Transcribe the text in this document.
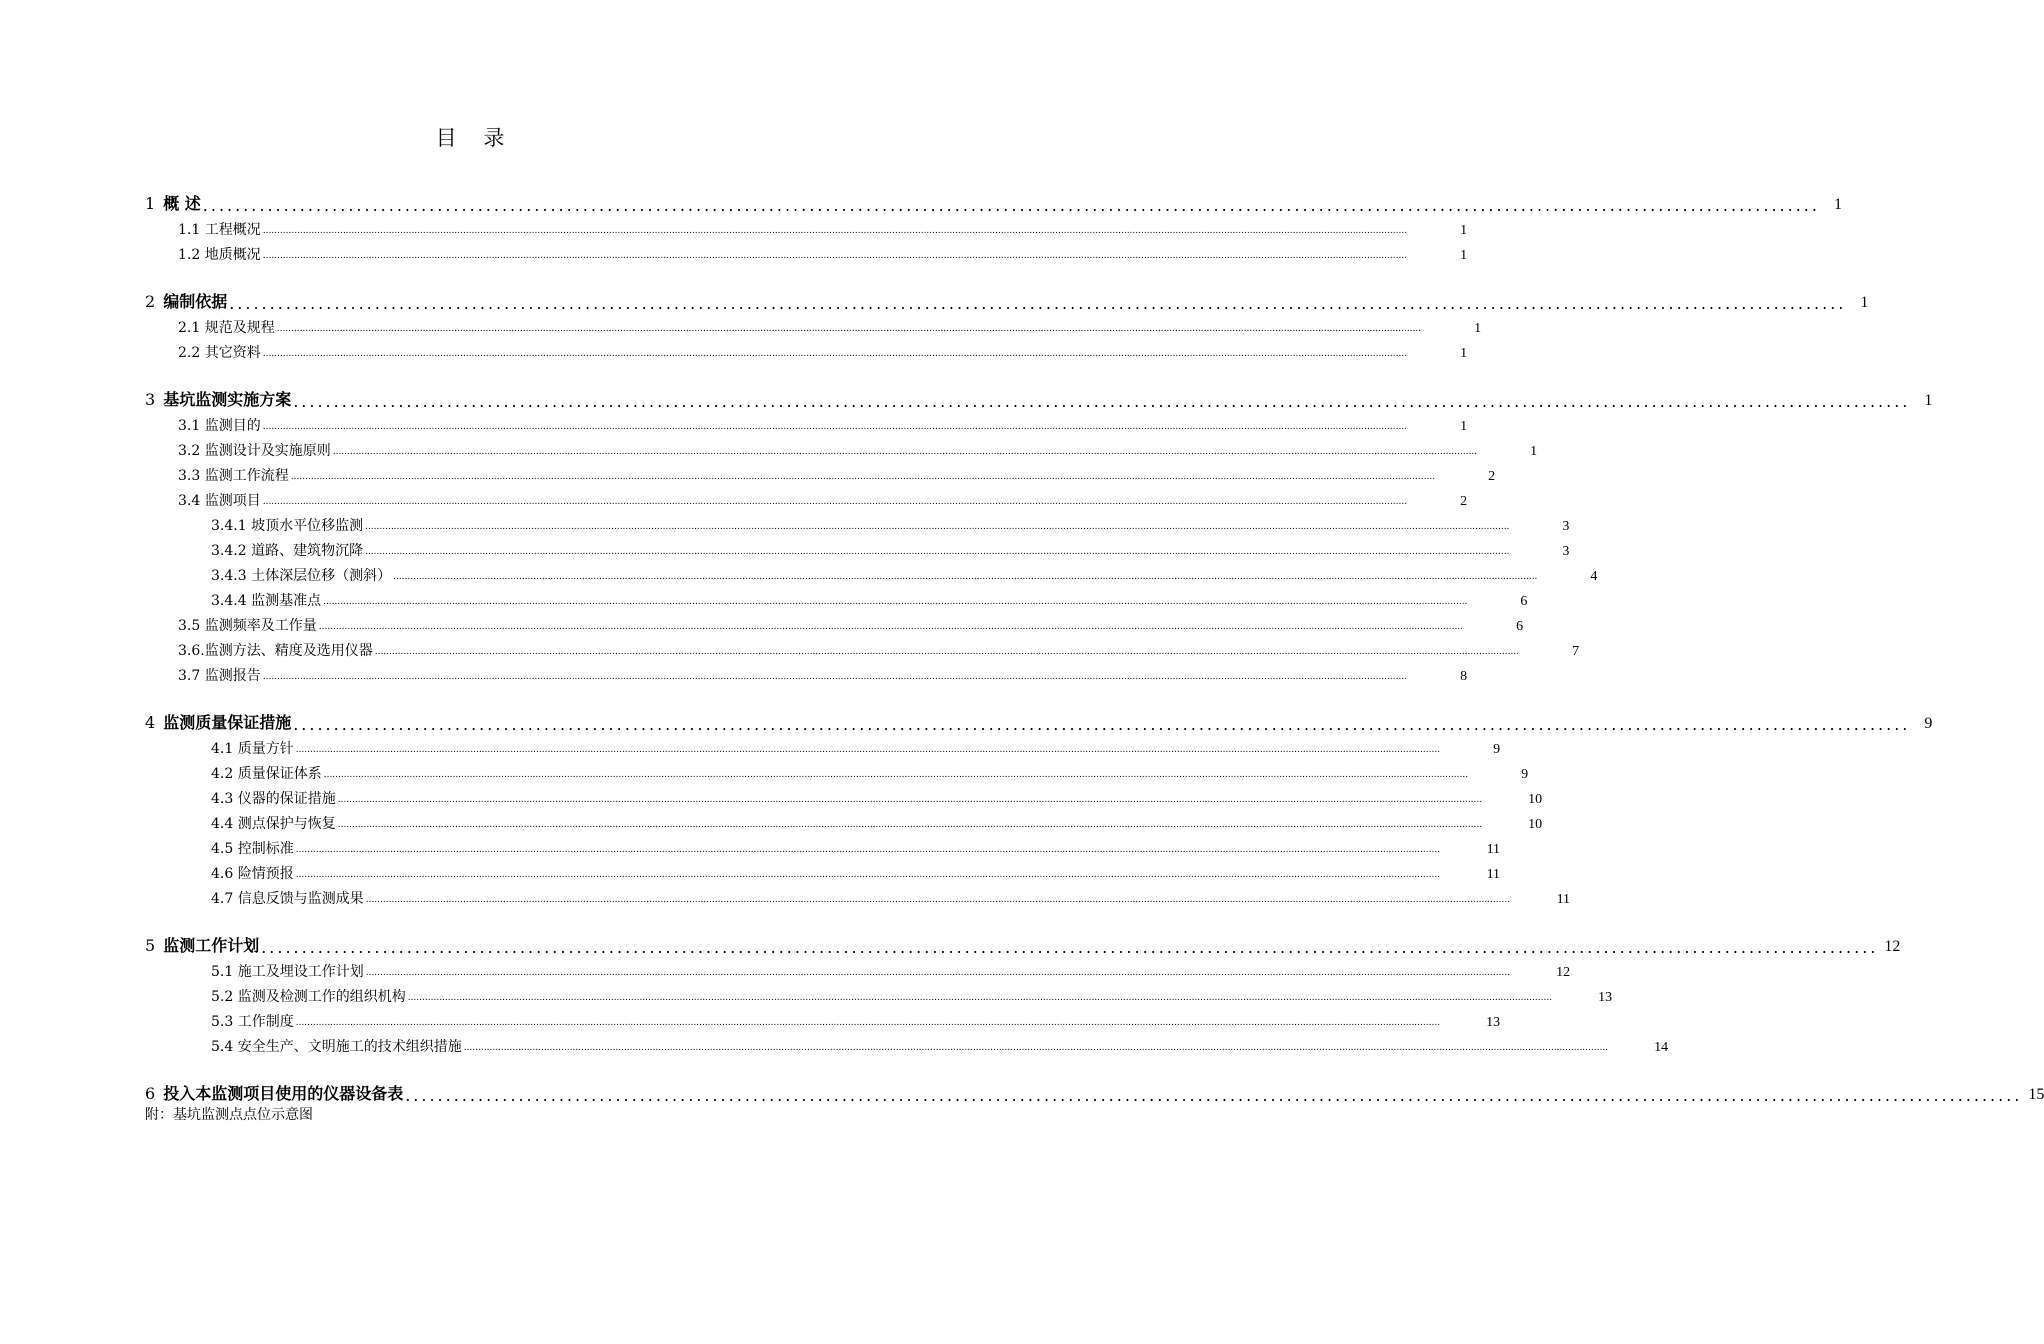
目 录
1 概 述 ........................................................................................................................................................................................................ 1
1.1 工程概况 ................................................................................................................................................................................................................................................................................................................................................................................................................	1
1.2 地质概况 ................................................................................................................................................................................................................................................................................................................................................................................................................	1
2 编制依据 ........................................................................................................................................................................................................ 1
2.1 规范及规程 ................................................................................................................................................................................................................................................................................................................................................................................................................	1
2.2 其它资料 ................................................................................................................................................................................................................................................................................................................................................................................................................	1
3 基坑监测实施方案 ........................................................................................................................................................................................................ 1
3.1 监测目的 ................................................................................................................................................................................................................................................................................................................................................................................................................	1
3.2 监测设计及实施原则 ................................................................................................................................................................................................................................................................................................................................................................................................................	1
3.3 监测工作流程 ................................................................................................................................................................................................................................................................................................................................................................................................................	2
3.4 监测项目 ................................................................................................................................................................................................................................................................................................................................................................................................................	2
3.4.1 坡顶水平位移监测 ................................................................................................................................................................................................................................................................................................................................................................................................................	3
3.4.2 道路、建筑物沉降 ................................................................................................................................................................................................................................................................................................................................................................................................................	3
3.4.3 土体深层位移（测斜） ................................................................................................................................................................................................................................................................................................................................................................................................................	4
3.4.4 监测基准点 ................................................................................................................................................................................................................................................................................................................................................................................................................	6
3.5 监测频率及工作量 ................................................................................................................................................................................................................................................................................................................................................................................................................	6
3.6.监测方法、精度及选用仪器 ................................................................................................................................................................................................................................................................................................................................................................................................................	7
3.7 监测报告 ................................................................................................................................................................................................................................................................................................................................................................................................................	8
4 监测质量保证措施 ........................................................................................................................................................................................................ 9
4.1 质量方针 ................................................................................................................................................................................................................................................................................................................................................................................................................	9
4.2 质量保证体系 ................................................................................................................................................................................................................................................................................................................................................................................................................	9
4.3 仪器的保证措施 ................................................................................................................................................................................................................................................................................................................................................................................................................	10
4.4 测点保护与恢复 ................................................................................................................................................................................................................................................................................................................................................................................................................	10
4.5 控制标准 ................................................................................................................................................................................................................................................................................................................................................................................................................	11
4.6 险情预报 ................................................................................................................................................................................................................................................................................................................................................................................................................	11
4.7 信息反馈与监测成果 ................................................................................................................................................................................................................................................................................................................................................................................................................	11
5 监测工作计划 ........................................................................................................................................................................................................ 12
5.1 施工及埋设工作计划 ................................................................................................................................................................................................................................................................................................................................................................................................................	12
5.2 监测及检测工作的组织机构 ................................................................................................................................................................................................................................................................................................................................................................................................................	13
5.3 工作制度 ................................................................................................................................................................................................................................................................................................................................................................................................................	13
5.4 安全生产、文明施工的技术组织措施 ................................................................................................................................................................................................................................................................................................................................................................................................................	14
6 投入本监测项目使用的仪器设备表 ........................................................................................................................................................................................................ 15
附：基坑监测点点位示意图
